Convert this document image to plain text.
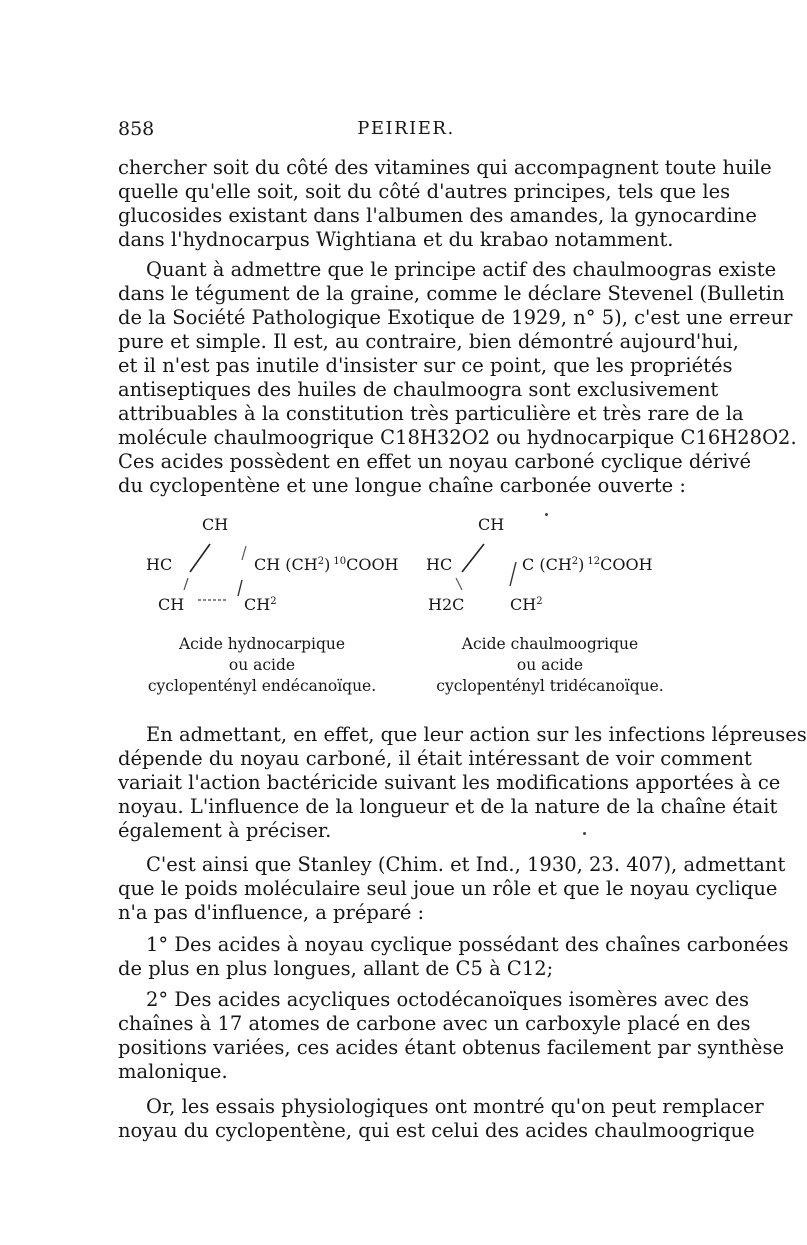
858	PEIRIER.
chercher soit du côté des vitamines qui accompagnent toute huile
quelle qu'elle soit, soit du côté d'autres principes, tels que les
glucosides existant dans l'albumen des amandes, la gynocardine
dans l'hydnocarpus Wightiana et du krabao notamment.
Quant à admettre que le principe actif des chaulmoogras existe
dans le tégument de la graine, comme le déclare Stevenel (Bulletin
de la Société Pathologique Exotique de 1929, n° 5), c'est une erreur
pure et simple. Il est, au contraire, bien démontré aujourd'hui,
et il n'est pas inutile d'insister sur ce point, que les propriétés
antiseptiques des huiles de chaulmoogra sont exclusivement
attribuables à la constitution très particulière et très rare de la
molécule chaulmoogrique C18H32O2 ou hydnocarpique C16H28O2.
Ces acides possèdent en effet un noyau carboné cyclique dérivé
du cyclopentène et une longue chaîne carbonée ouverte :
CH
HC	CH $(CH^2)$ $^{10}$COOH
CH	$CH^2$
Acide hydnocarpique
ou acide
cyclopenténуl endécanoïque.
CH
HC	C $(CH^2)$ $^{12}$COOH
H2C	$CH^2$
Acide chaulmoogrique
ou acide
cyclopentényl tridécanoïque.
En admettant, en effet, que leur action sur les infections lépreuses
dépende du noyau carboné, il était intéressant de voir comment
variait l'action bactéricide suivant les modifications apportées à ce
noyau. L'influence de la longueur et de la nature de la chaîne était
également à préciser.
C'est ainsi que Stanley (Chim. et Ind., 1930, 23. 407), admettant
que le poids moléculaire seul joue un rôle et que le noyau cyclique
n'a pas d'influence, a préparé :
1° Des acides à noyau cyclique possédant des chaînes carbonées
de plus en plus longues, allant de C5 à C12;
2° Des acides acycliques octodécanoïques isomères avec des
chaînes à 17 atomes de carbone avec un carboxyle placé en des
positions variées, ces acides étant obtenus facilement par synthèse
malonique.
Or, les essais physiologiques ont montré qu'on peut remplacer
noyau du cyclopentène, qui est celui des acides chaulmoogrique
